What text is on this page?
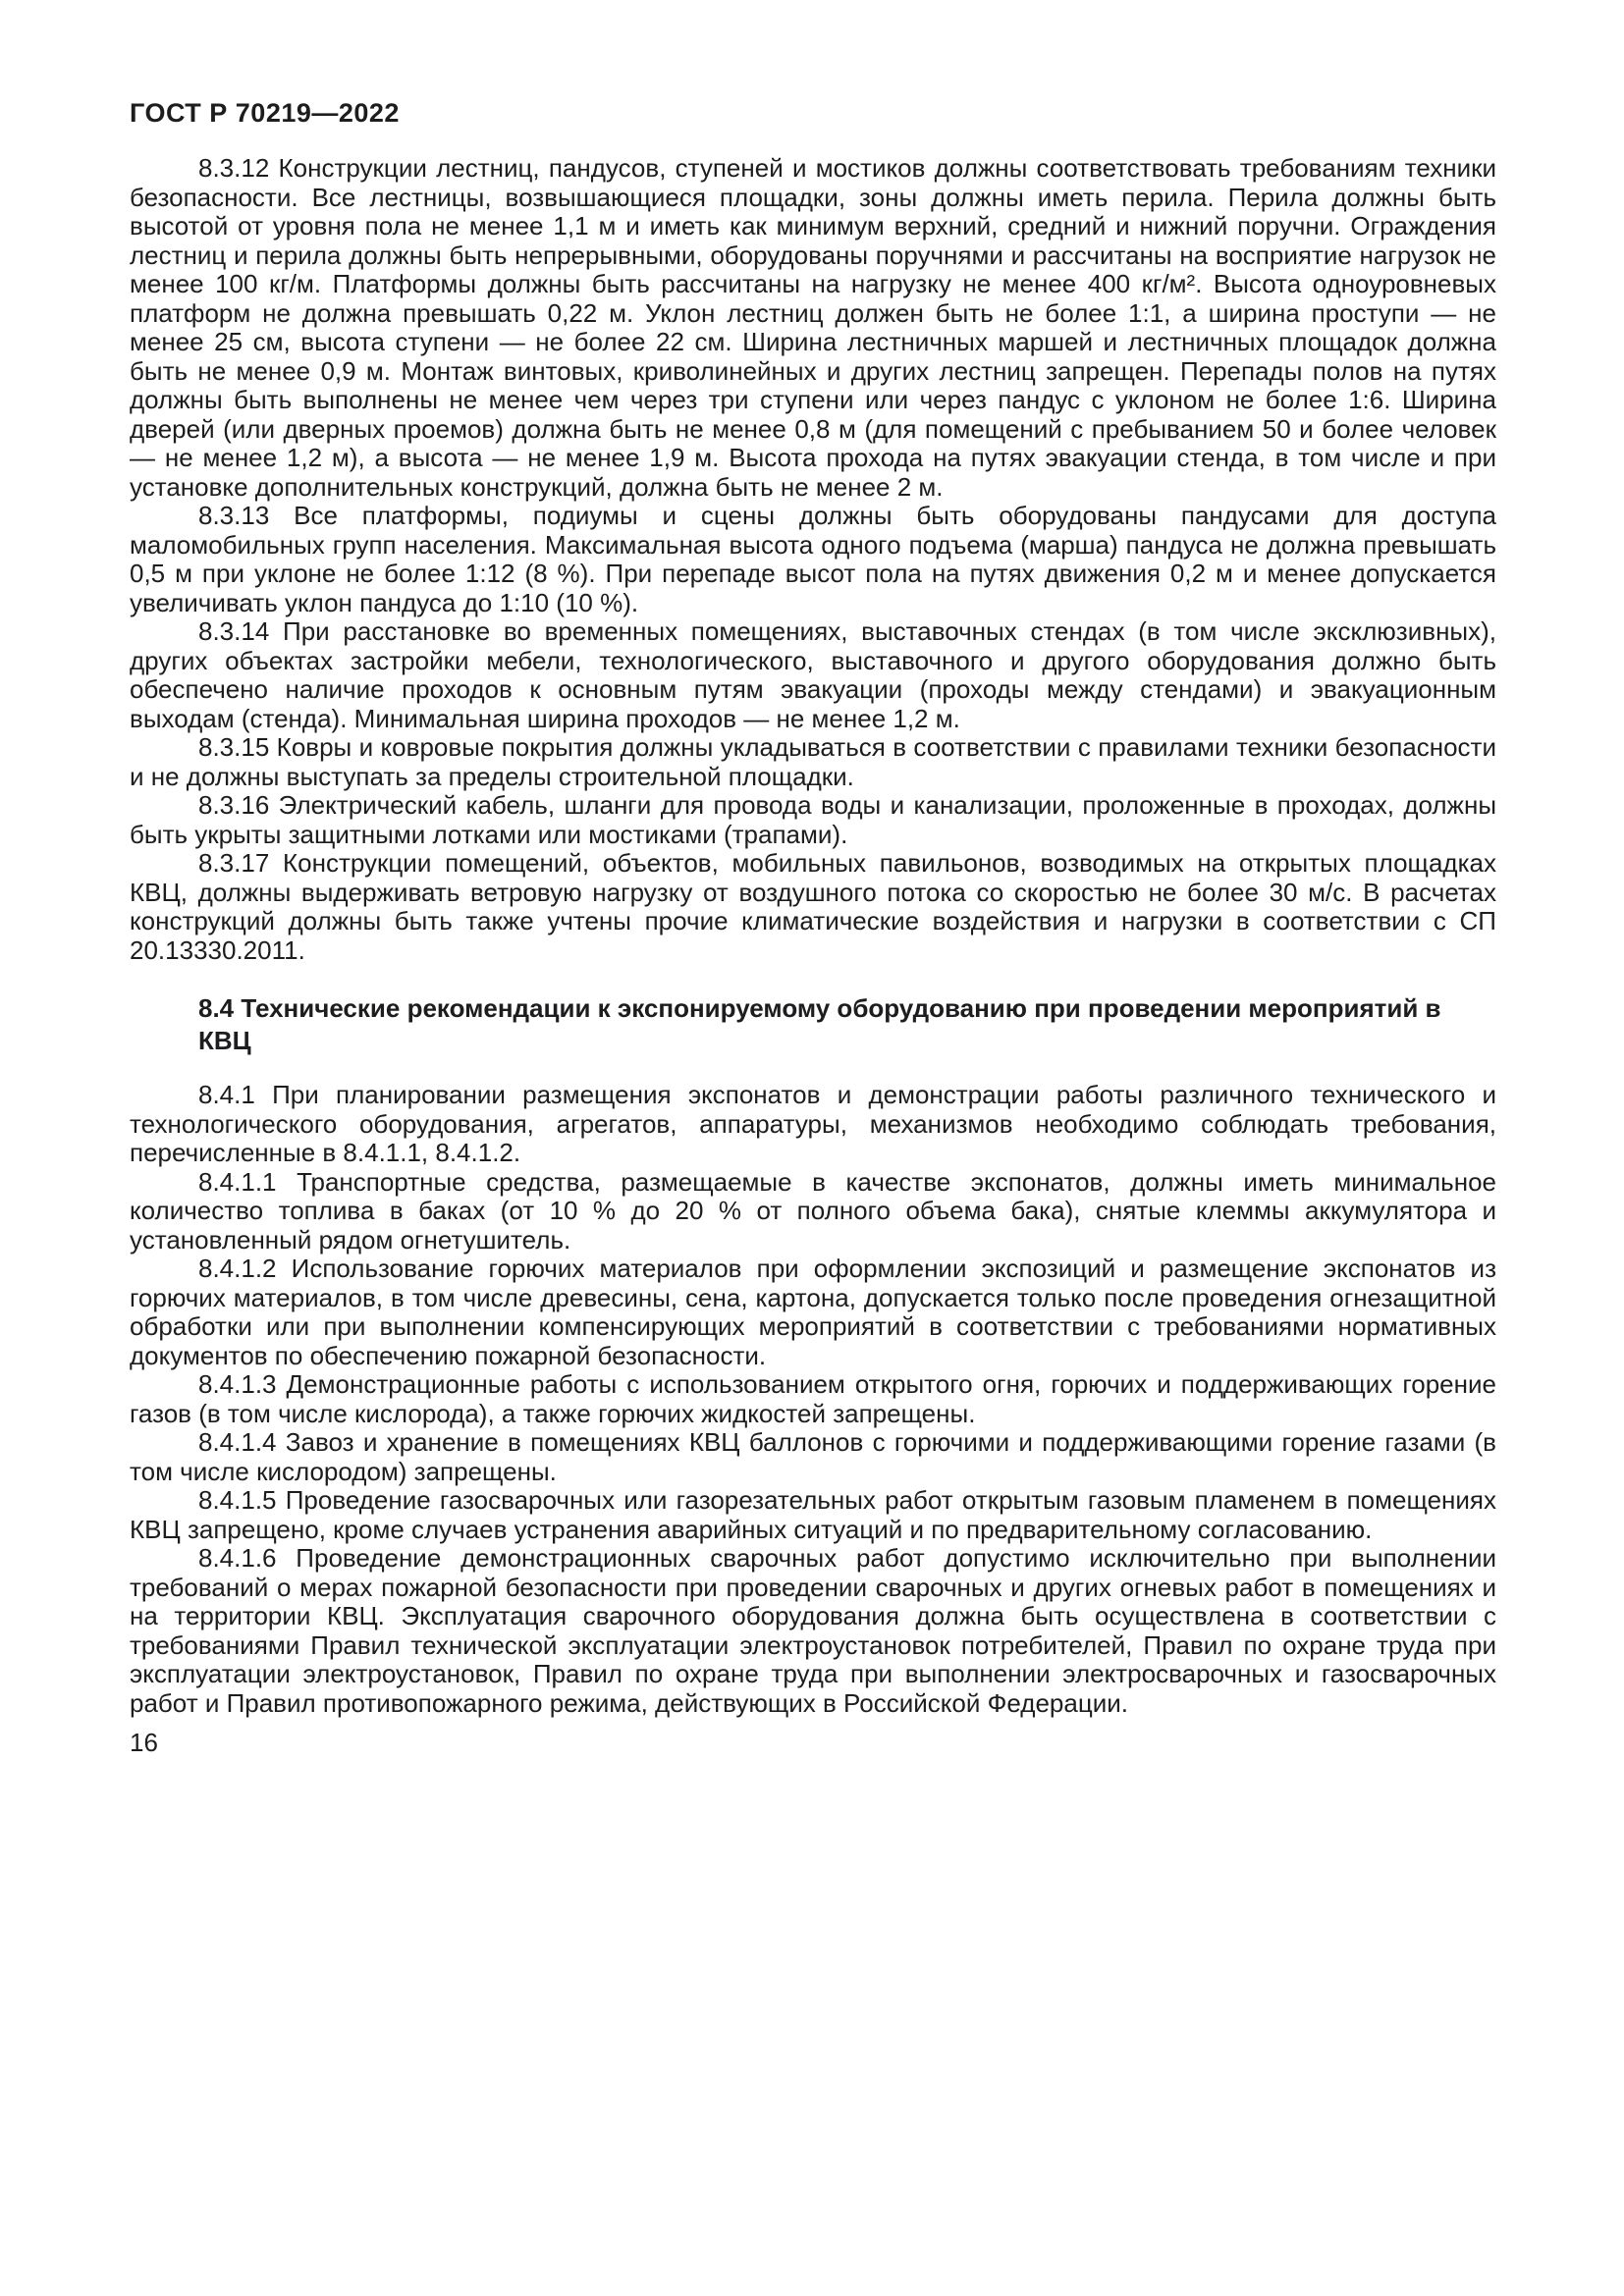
ГОСТ Р 70219—2022

8.3.12 Конструкции лестниц, пандусов, ступеней и мостиков должны соответствовать требованиям техники безопасности. Все лестницы, возвышающиеся площадки, зоны должны иметь перила. Перила должны быть высотой от уровня пола не менее 1,1 м и иметь как минимум верхний, средний и нижний поручни. Ограждения лестниц и перила должны быть непрерывными, оборудованы поручнями и рассчитаны на восприятие нагрузок не менее 100 кг/м. Платформы должны быть рассчитаны на нагрузку не менее 400 кг/м². Высота одноуровневых платформ не должна превышать 0,22 м. Уклон лестниц должен быть не более 1:1, а ширина проступи — не менее 25 см, высота ступени — не более 22 см. Ширина лестничных маршей и лестничных площадок должна быть не менее 0,9 м. Монтаж винтовых, криволинейных и других лестниц запрещен. Перепады полов на путях должны быть выполнены не менее чем через три ступени или через пандус с уклоном не более 1:6. Ширина дверей (или дверных проемов) должна быть не менее 0,8 м (для помещений с пребыванием 50 и более человек — не менее 1,2 м), а высота — не менее 1,9 м. Высота прохода на путях эвакуации стенда, в том числе и при установке дополнительных конструкций, должна быть не менее 2 м.

8.3.13 Все платформы, подиумы и сцены должны быть оборудованы пандусами для доступа маломобильных групп населения. Максимальная высота одного подъема (марша) пандуса не должна превышать 0,5 м при уклоне не более 1:12 (8 %). При перепаде высот пола на путях движения 0,2 м и менее допускается увеличивать уклон пандуса до 1:10 (10 %).

8.3.14 При расстановке во временных помещениях, выставочных стендах (в том числе эксклюзивных), других объектах застройки мебели, технологического, выставочного и другого оборудования должно быть обеспечено наличие проходов к основным путям эвакуации (проходы между стендами) и эвакуационным выходам (стенда). Минимальная ширина проходов — не менее 1,2 м.

8.3.15 Ковры и ковровые покрытия должны укладываться в соответствии с правилами техники безопасности и не должны выступать за пределы строительной площадки.

8.3.16 Электрический кабель, шланги для провода воды и канализации, проложенные в проходах, должны быть укрыты защитными лотками или мостиками (трапами).

8.3.17 Конструкции помещений, объектов, мобильных павильонов, возводимых на открытых площадках КВЦ, должны выдерживать ветровую нагрузку от воздушного потока со скоростью не более 30 м/с. В расчетах конструкций должны быть также учтены прочие климатические воздействия и нагрузки в соответствии с СП 20.13330.2011.

8.4 Технические рекомендации к экспонируемому оборудованию при проведении мероприятий в КВЦ

8.4.1 При планировании размещения экспонатов и демонстрации работы различного технического и технологического оборудования, агрегатов, аппаратуры, механизмов необходимо соблюдать требования, перечисленные в 8.4.1.1, 8.4.1.2.

8.4.1.1 Транспортные средства, размещаемые в качестве экспонатов, должны иметь минимальное количество топлива в баках (от 10 % до 20 % от полного объема бака), снятые клеммы аккумулятора и установленный рядом огнетушитель.

8.4.1.2 Использование горючих материалов при оформлении экспозиций и размещение экспонатов из горючих материалов, в том числе древесины, сена, картона, допускается только после проведения огнезащитной обработки или при выполнении компенсирующих мероприятий в соответствии с требованиями нормативных документов по обеспечению пожарной безопасности.

8.4.1.3 Демонстрационные работы с использованием открытого огня, горючих и поддерживающих горение газов (в том числе кислорода), а также горючих жидкостей запрещены.

8.4.1.4 Завоз и хранение в помещениях КВЦ баллонов с горючими и поддерживающими горение газами (в том числе кислородом) запрещены.

8.4.1.5 Проведение газосварочных или газорезательных работ открытым газовым пламенем в помещениях КВЦ запрещено, кроме случаев устранения аварийных ситуаций и по предварительному согласованию.

8.4.1.6 Проведение демонстрационных сварочных работ допустимо исключительно при выполнении требований о мерах пожарной безопасности при проведении сварочных и других огневых работ в помещениях и на территории КВЦ. Эксплуатация сварочного оборудования должна быть осуществлена в соответствии с требованиями Правил технической эксплуатации электроустановок потребителей, Правил по охране труда при эксплуатации электроустановок, Правил по охране труда при выполнении электросварочных и газосварочных работ и Правил противопожарного режима, действующих в Российской Федерации.

16
